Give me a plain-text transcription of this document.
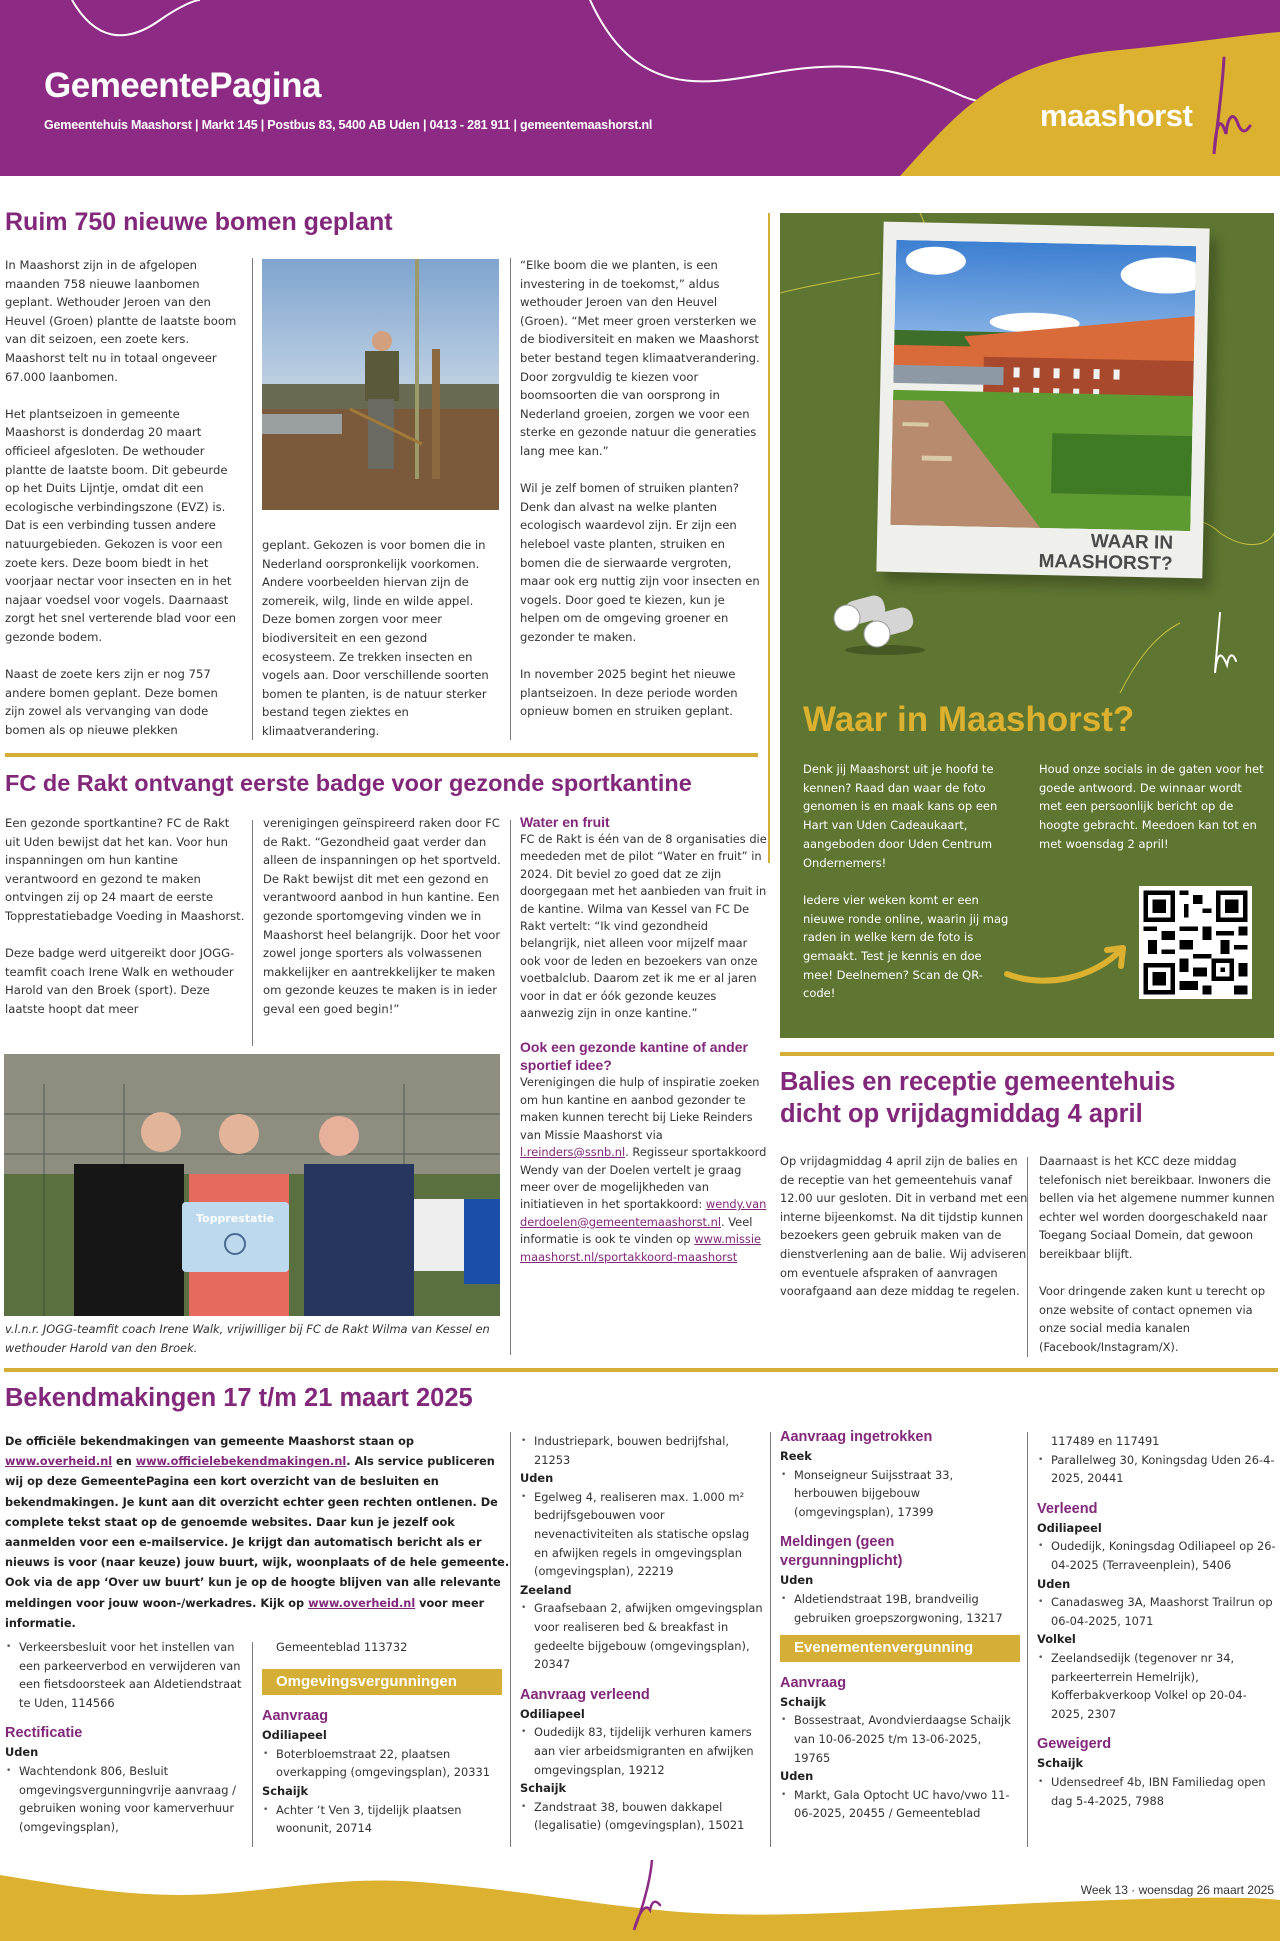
GemeentePagina
Gemeentehuis Maashorst | Markt 145 | Postbus 83, 5400 AB Uden | 0413 - 281 911 | gemeentemaashorst.nl	maashorst
Ruim 750 nieuwe bomen geplant

In Maashorst zijn in de afgelopen maanden 758 nieuwe laanbomen geplant. Wethouder Jeroen van den Heuvel (Groen) plantte de laatste boom van dit seizoen, een zoete kers. Maashorst telt nu in totaal ongeveer 67.000 laanbomen.

Het plantseizoen in gemeente Maashorst is donderdag 20 maart officieel afgesloten. De wethouder plantte de laatste boom. Dit gebeurde op het Duits Lijntje, omdat dit een ecologische verbindingszone (EVZ) is. Dat is een verbinding tussen andere natuurgebieden. Gekozen is voor een zoete kers. Deze boom biedt in het voorjaar nectar voor insecten en in het najaar voedsel voor vogels. Daarnaast zorgt het snel verterende blad voor een gezonde bodem.

Naast de zoete kers zijn er nog 757 andere bomen geplant. Deze bomen zijn zowel als vervanging van dode bomen als op nieuwe plekken

geplant. Gekozen is voor bomen die in Nederland oorspronkelijk voorkomen. Andere voorbeelden hiervan zijn de zomereik, wilg, linde en wilde appel. Deze bomen zorgen voor meer biodiversiteit en een gezond ecosysteem. Ze trekken insecten en vogels aan. Door verschillende soorten bomen te planten, is de natuur sterker bestand tegen ziektes en klimaatverandering.

“Elke boom die we planten, is een investering in de toekomst,” aldus wethouder Jeroen van den Heuvel (Groen). “Met meer groen versterken we de biodiversiteit en maken we Maashorst beter bestand tegen klimaatverandering. Door zorgvuldig te kiezen voor boomsoorten die van oorsprong in Nederland groeien, zorgen we voor een sterke en gezonde natuur die generaties lang mee kan.”

Wil je zelf bomen of struiken planten? Denk dan alvast na welke planten ecologisch waardevol zijn. Er zijn een heleboel vaste planten, struiken en bomen die de sierwaarde vergroten, maar ook erg nuttig zijn voor insecten en vogels. Door goed te kiezen, kun je helpen om de omgeving groener en gezonder te maken.

In november 2025 begint het nieuwe plantseizoen. In deze periode worden opnieuw bomen en struiken geplant.

WAAR IN
MAASHORST?
Waar in Maashorst?

Denk jij Maashorst uit je hoofd te kennen? Raad dan waar de foto genomen is en maak kans op een Hart van Uden Cadeaukaart, aangeboden door Uden Centrum Ondernemers!

Iedere vier weken komt er een nieuwe ronde online, waarin jij mag raden in welke kern de foto is gemaakt. Test je kennis en doe mee! Deelnemen? Scan de QR-code!

Houd onze socials in de gaten voor het goede antwoord. De winnaar wordt met een persoonlijk bericht op de hoogte gebracht. Meedoen kan tot en met woensdag 2 april!

FC de Rakt ontvangt eerste badge voor gezonde sportkantine

Een gezonde sportkantine? FC de Rakt uit Uden bewijst dat het kan. Voor hun inspanningen om hun kantine verantwoord en gezond te maken ontvingen zij op 24 maart de eerste Topprestatiebadge Voeding in Maashorst.

Deze badge werd uitgereikt door JOGG-teamfit coach Irene Walk en wethouder Harold van den Broek (sport). Deze laatste hoopt dat meer

verenigingen geïnspireerd raken door FC de Rakt. “Gezondheid gaat verder dan alleen de inspanningen op het sportveld. De Rakt bewijst dit met een gezond en verantwoord aanbod in hun kantine. Een gezonde sportomgeving vinden we in Maashorst heel belangrijk. Door het voor zowel jonge sporters als volwassenen makkelijker en aantrekkelijker te maken om gezonde keuzes te maken is in ieder geval een goed begin!”

Topprestatie
v.l.n.r. JOGG-teamfit coach Irene Walk, vrijwilliger bij FC de Rakt Wilma van Kessel en wethouder Harold van den Broek.
Water en fruit
FC de Rakt is één van de 8 organisaties die meededen met de pilot “Water en fruit” in 2024. Dit beviel zo goed dat ze zijn doorgegaan met het aanbieden van fruit in de kantine. Wilma van Kessel van FC De Rakt vertelt: “Ik vind gezondheid belangrijk, niet alleen voor mijzelf maar ook voor de leden en bezoekers van onze voetbalclub. Daarom zet ik me er al jaren voor in dat er óók gezonde keuzes aanwezig zijn in onze kantine.”
Ook een gezonde kantine of ander sportief idee?
Verenigingen die hulp of inspiratie zoeken om hun kantine en aanbod gezonder te maken kunnen terecht bij Lieke Reinders van Missie Maashorst via l.reinders@ssnb.nl. Regisseur sportakkoord Wendy van der Doelen vertelt je graag meer over de mogelijkheden van initiatieven in het sportakkoord: wendy.vanderdoelen@gemeentemaashorst.nl. Veel informatie is ook te vinden op www.missiemaashorst.nl/sportakkoord-maashorst
Balies en receptie gemeentehuis
dicht op vrijdagmiddag 4 april

Op vrijdagmiddag 4 april zijn de balies en de receptie van het gemeentehuis vanaf 12.00 uur gesloten. Dit in verband met een interne bijeenkomst. Na dit tijdstip kunnen bezoekers geen gebruik maken van de dienstverlening aan de balie. Wij adviseren om eventuele afspraken of aanvragen voorafgaand aan deze middag te regelen.

Daarnaast is het KCC deze middag telefonisch niet bereikbaar. Inwoners die bellen via het algemene nummer kunnen echter wel worden doorgeschakeld naar Toegang Sociaal Domein, dat gewoon bereikbaar blijft.

Voor dringende zaken kunt u terecht op onze website of contact opnemen via onze social media kanalen (Facebook/Instagram/X).

Bekendmakingen 17 t/m 21 maart 2025
De officiële bekendmakingen van gemeente Maashorst staan op www.overheid.nl en www.officielebekendmakingen.nl. Als service publiceren wij op deze GemeentePagina een kort overzicht van de besluiten en bekendmakingen. Je kunt aan dit overzicht echter geen rechten ontlenen. De complete tekst staat op de genoemde websites. Daar kun je jezelf ook aanmelden voor een e-mailservice. Je krijgt dan automatisch bericht als er nieuws is voor (naar keuze) jouw buurt, wijk, woonplaats of de hele gemeente. Ook via de app ‘Over uw buurt’ kun je op de hoogte blijven van alle relevante meldingen voor jouw woon-/werkadres. Kijk op www.overheid.nl voor meer informatie.
• Verkeersbesluit voor het instellen van een parkeerverbod en verwijderen van een fietsdoorsteek aan Aldetiendstraat te Uden, 114566
Rectificatie
Uden
• Wachtendonk 806, Besluit omgevingsvergunningvrije aanvraag / gebruiken woning voor kamerverhuur (omgevingsplan),
Gemeenteblad 113732
Omgevingsvergunningen
Aanvraag
Odiliapeel
• Boterbloemstraat 22, plaatsen overkapping (omgevingsplan), 20331
Schaijk
• Achter ‘t Ven 3, tijdelijk plaatsen woonunit, 20714
• Industriepark, bouwen bedrijfshal, 21253
Uden
• Egelweg 4, realiseren max. 1.000 m² bedrijfsgebouwen voor nevenactiviteiten als statische opslag en afwijken regels in omgevingsplan (omgevingsplan), 22219
Zeeland
• Graafsebaan 2, afwijken omgevingsplan voor realiseren bed & breakfast in gedeelte bijgebouw (omgevingsplan), 20347
Aanvraag verleend
Odiliapeel
• Oudedijk 83, tijdelijk verhuren kamers aan vier arbeidsmigranten en afwijken omgevingsplan, 19212
Schaijk
• Zandstraat 38, bouwen dakkapel (legalisatie) (omgevingsplan), 15021
Aanvraag ingetrokken
Reek
• Monseigneur Suijsstraat 33, herbouwen bijgebouw (omgevingsplan), 17399
Meldingen (geen vergunningplicht)
Uden
• Aldetiendstraat 19B, brandveilig gebruiken groepszorgwoning, 13217
Evenementenvergunning
Aanvraag
Schaijk
• Bossestraat, Avondvierdaagse Schaijk van 10-06-2025 t/m 13-06-2025, 19765
Uden
• Markt, Gala Optocht UC havo/vwo 11-06-2025, 20455 / Gemeenteblad
117489 en 117491
• Parallelweg 30, Koningsdag Uden 26-4-2025, 20441
Verleend
Odiliapeel
• Oudedijk, Koningsdag Odiliapeel op 26-04-2025 (Terraveenplein), 5406
Uden
• Canadasweg 3A, Maashorst Trailrun op 06-04-2025, 1071
Volkel
• Zeelandsedijk (tegenover nr 34, parkeerterrein Hemelrijk), Kofferbakverkoop Volkel op 20-04-2025, 2307
Geweigerd
Schaijk
• Udensedreef 4b, IBN Familiedag open dag 5-4-2025, 7988
Week 13 · woensdag 26 maart 2025
